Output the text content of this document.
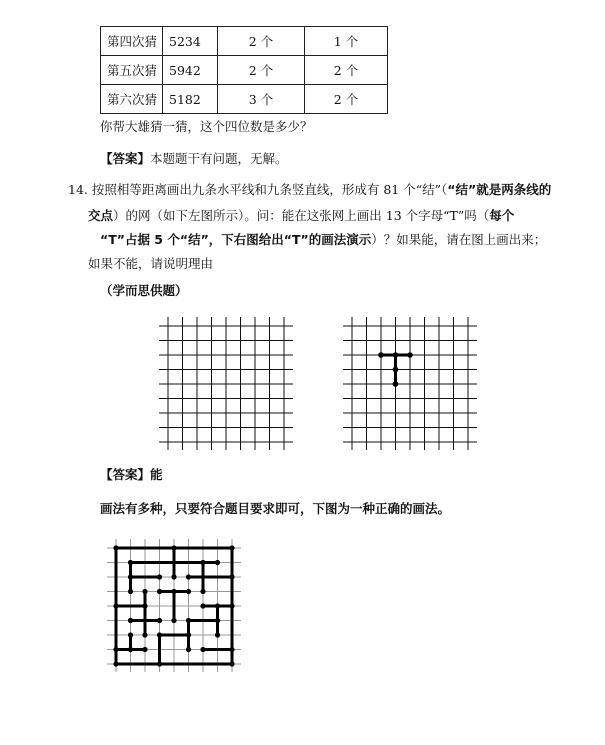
第四次猜	5234	2 个	1 个
第五次猜	5942	2 个	2 个
第六次猜	5182	3 个	2 个
你帮大雄猜一猜，这个四位数是多少？
【答案】本题题干有问题，无解。
14. 按照相等距离画出九条水平线和九条竖直线，形成有 81 个“结”（“结”就是两条线的
交点）的网（如下左图所示）。问：能在这张网上画出 13 个字母“T”吗（每个
“T”占据 5 个“结”，下右图给出“T”的画法演示）？如果能，请在图上画出来；
如果不能，请说明理由
（学而思供题）
【答案】能
画法有多种，只要符合题目要求即可，下图为一种正确的画法。
